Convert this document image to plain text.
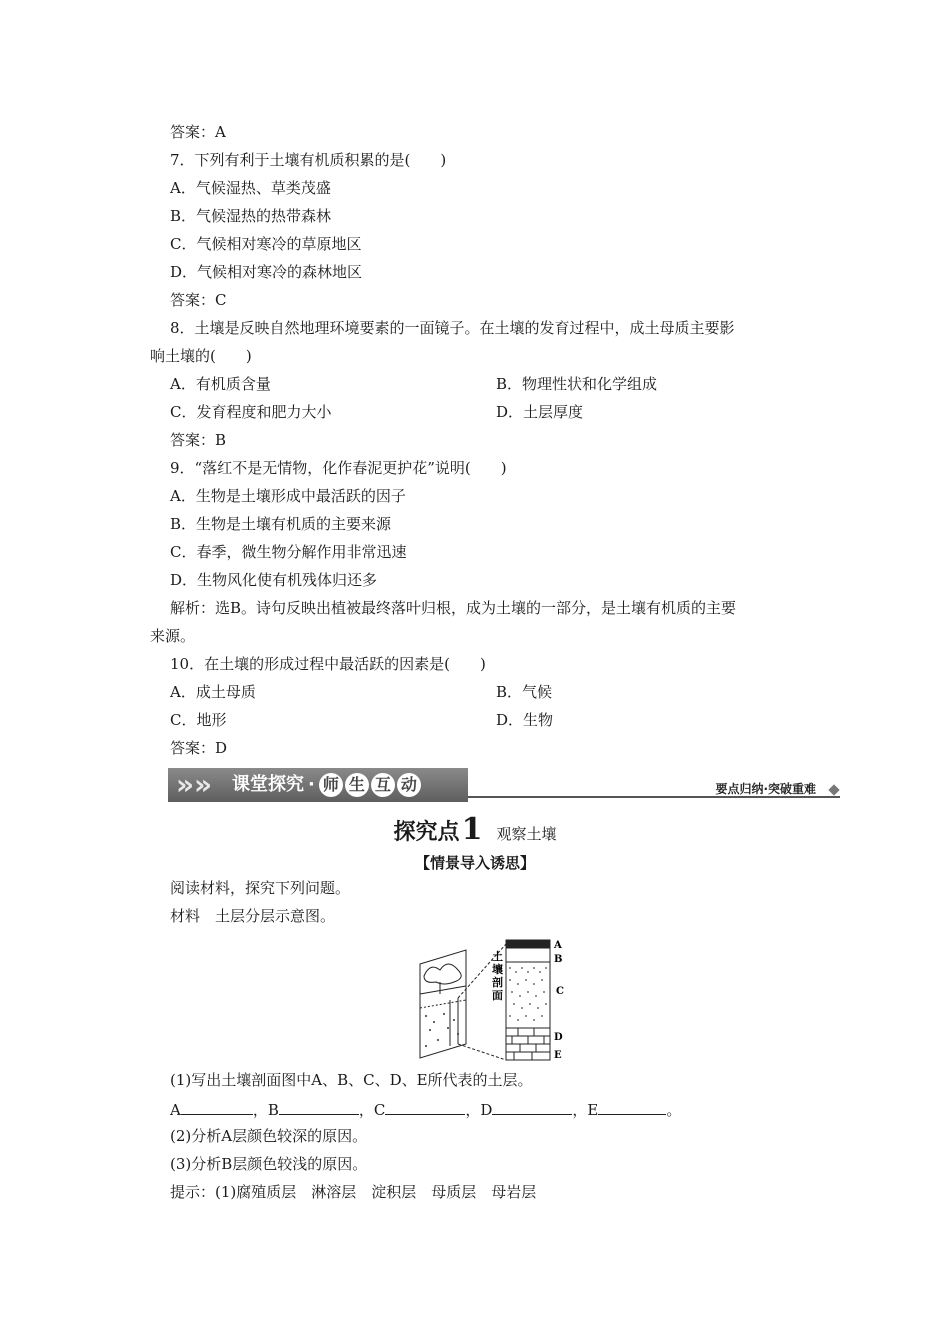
答案：A
7．下列有利于土壤有机质积累的是(　　)
A．气候湿热、草类茂盛
B．气候湿热的热带森林
C．气候相对寒冷的草原地区
D．气候相对寒冷的森林地区
答案：C
8．土壤是反映自然地理环境要素的一面镜子。在土壤的发育过程中，成土母质主要影
响土壤的(　　)
A．有机质含量	B．物理性状和化学组成
C．发育程度和肥力大小	D．土层厚度
答案：B
9．“落红不是无情物，化作春泥更护花”说明(　　)
A．生物是土壤形成中最活跃的因子
B．生物是土壤有机质的主要来源
C．春季，微生物分解作用非常迅速
D．生物风化使有机残体归还多
解析：选B。诗句反映出植被最终落叶归根，成为土壤的一部分，是土壤有机质的主要
来源。
10．在土壤的形成过程中最活跃的因素是(　　)
A．成土母质	B．气候
C．地形	D．生物
答案：D
» » 课堂探究 · 师 生 互 动	要点归纳·突破重难
探究点1 观察土壤
【情景导入诱思】
阅读材料，探究下列问题。
材料　土层分层示意图。
A
B
C
D
E
土
壤
剖
面
(1)写出土壤剖面图中A、B、C、D、E所代表的土层。
A	，B	，C	，D	，E	。
(2)分析A层颜色较深的原因。
(3)分析B层颜色较浅的原因。
提示：(1)腐殖质层　淋溶层　淀积层　母质层　母岩层
